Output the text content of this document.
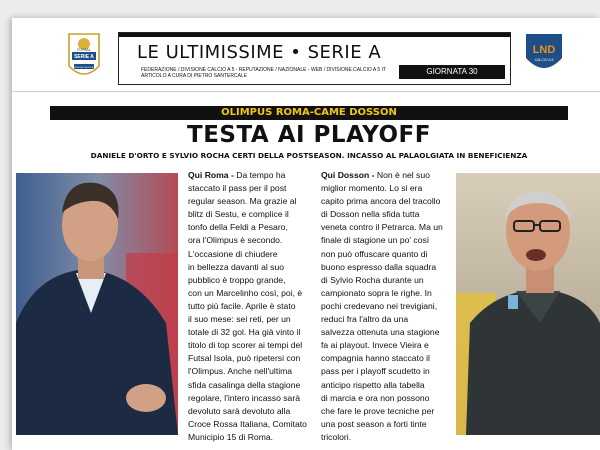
FUTSAL
SERIE A
DIVISIONE CALCIO A 5
LND
CALCIO A 5
LE ULTIMISSIME • SERIE A
FEDERAZIONE / DIVISIONE CALCIO A 5 - REPUTAZIONE / NAZIONALE - WEB / DIVISIONE CALCIO A 5 IT
ARTICOLO A CURA DI PIETRO SANTERCALE	GIORNATA 30
OLIMPUS ROMA-CAME DOSSON
TESTA AI PLAYOFF
DANIELE D'ORTO E SYLVIO ROCHA CERTI DELLA POSTSEASON. INCASSO AL PALAOLGIATA IN BENEFICIENZA
Qui Roma - Da tempo ha
staccato il pass per il post
regular season. Ma grazie al
blitz di Sestu, e complice il
tonfo della Feldi a Pesaro,
ora l'Olimpus è secondo.
L'occasione di chiudere
in bellezza davanti al suo
pubblico è troppo grande,
con un Marcelinho così, poi, è
tutto più facile. Aprile è stato
il suo mese: sei reti, per un
totale di 32 gol. Ha già vinto il
titolo di top scorer ai tempi del
Futsal Isola, può ripetersi con
l'Olimpus. Anche nell'ultima
sfida casalinga della stagione
regolare, l'intero incasso sarà
devoluto sarà devoluto alla
Croce Rossa Italiana, Comitato
Municipio 15 di Roma.
Qui Dosson - Non è nel suo
miglior momento. Lo si era
capito prima ancora del tracollo
di Dosson nella sfida tutta
veneta contro il Petrarca. Ma un
finale di stagione un po' così
non può offuscare quanto di
buono espresso dalla squadra
di Sylvio Rocha durante un
campionato sopra le righe. In
pochi credevano nei trevigiani,
reduci fra l'altro da una
salvezza ottenuta una stagione
fa ai playout. Invece Vieira e
compagnia hanno staccato il
pass per i playoff scudetto in
anticipo rispetto alla tabella
di marcia e ora non possono
che fare le prove tecniche per
una post season a forti tinte
tricolori.
